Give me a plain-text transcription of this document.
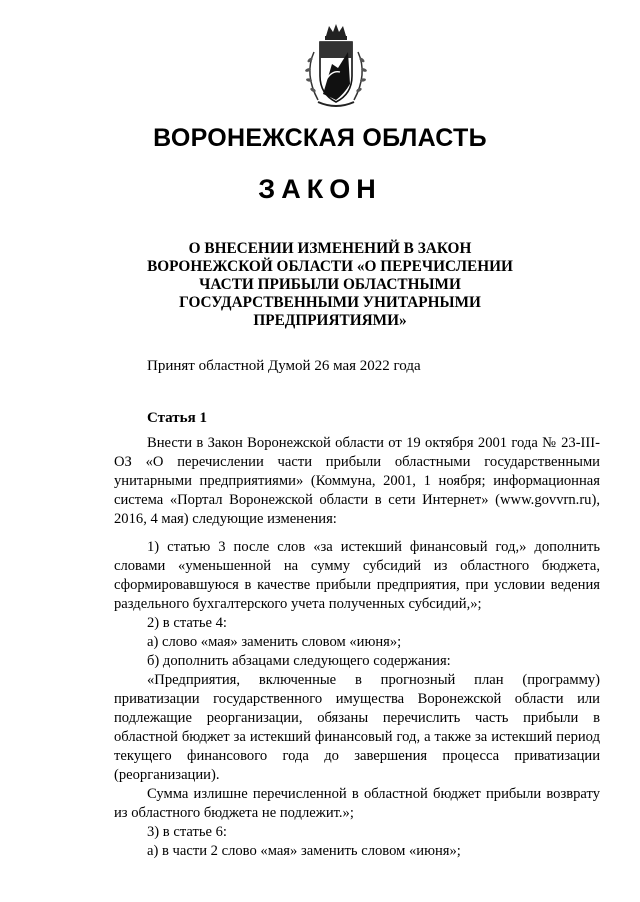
ВОРОНЕЖСКАЯ ОБЛАСТЬ
ЗАКОН
О ВНЕСЕНИИ ИЗМЕНЕНИЙ В ЗАКОН
ВОРОНЕЖСКОЙ ОБЛАСТИ «О ПЕРЕЧИСЛЕНИИ
ЧАСТИ ПРИБЫЛИ ОБЛАСТНЫМИ
ГОСУДАРСТВЕННЫМИ УНИТАРНЫМИ
ПРЕДПРИЯТИЯМИ»
Принят областной Думой 26 мая 2022 года
Статья 1

Внести в Закон Воронежской области от 19 октября 2001 года № 23-III-ОЗ «О перечислении части прибыли областными государственными унитарными предприятиями» (Коммуна, 2001, 1 ноября; информационная система «Портал Воронежской области в сети Интернет» (www.govvrn.ru), 2016, 4 мая) следующие изменения:

1) статью 3 после слов «за истекший финансовый год,» дополнить словами «уменьшенной на сумму субсидий из областного бюджета, сформировавшуюся в качестве прибыли предприятия, при условии ведения раздельного бухгалтерского учета полученных субсидий,»;

2) в статье 4:

а) слово «мая» заменить словом «июня»;

б) дополнить абзацами следующего содержания:

«Предприятия, включенные в прогнозный план (программу) приватизации государственного имущества Воронежской области или подлежащие реорганизации, обязаны перечислить часть прибыли в областной бюджет за истекший финансовый год, а также за истекший период текущего финансового года до завершения процесса приватизации (реорганизации).

Сумма излишне перечисленной в областной бюджет прибыли возврату из областного бюджета не подлежит.»;

3) в статье 6:

а) в части 2 слово «мая» заменить словом «июня»;
